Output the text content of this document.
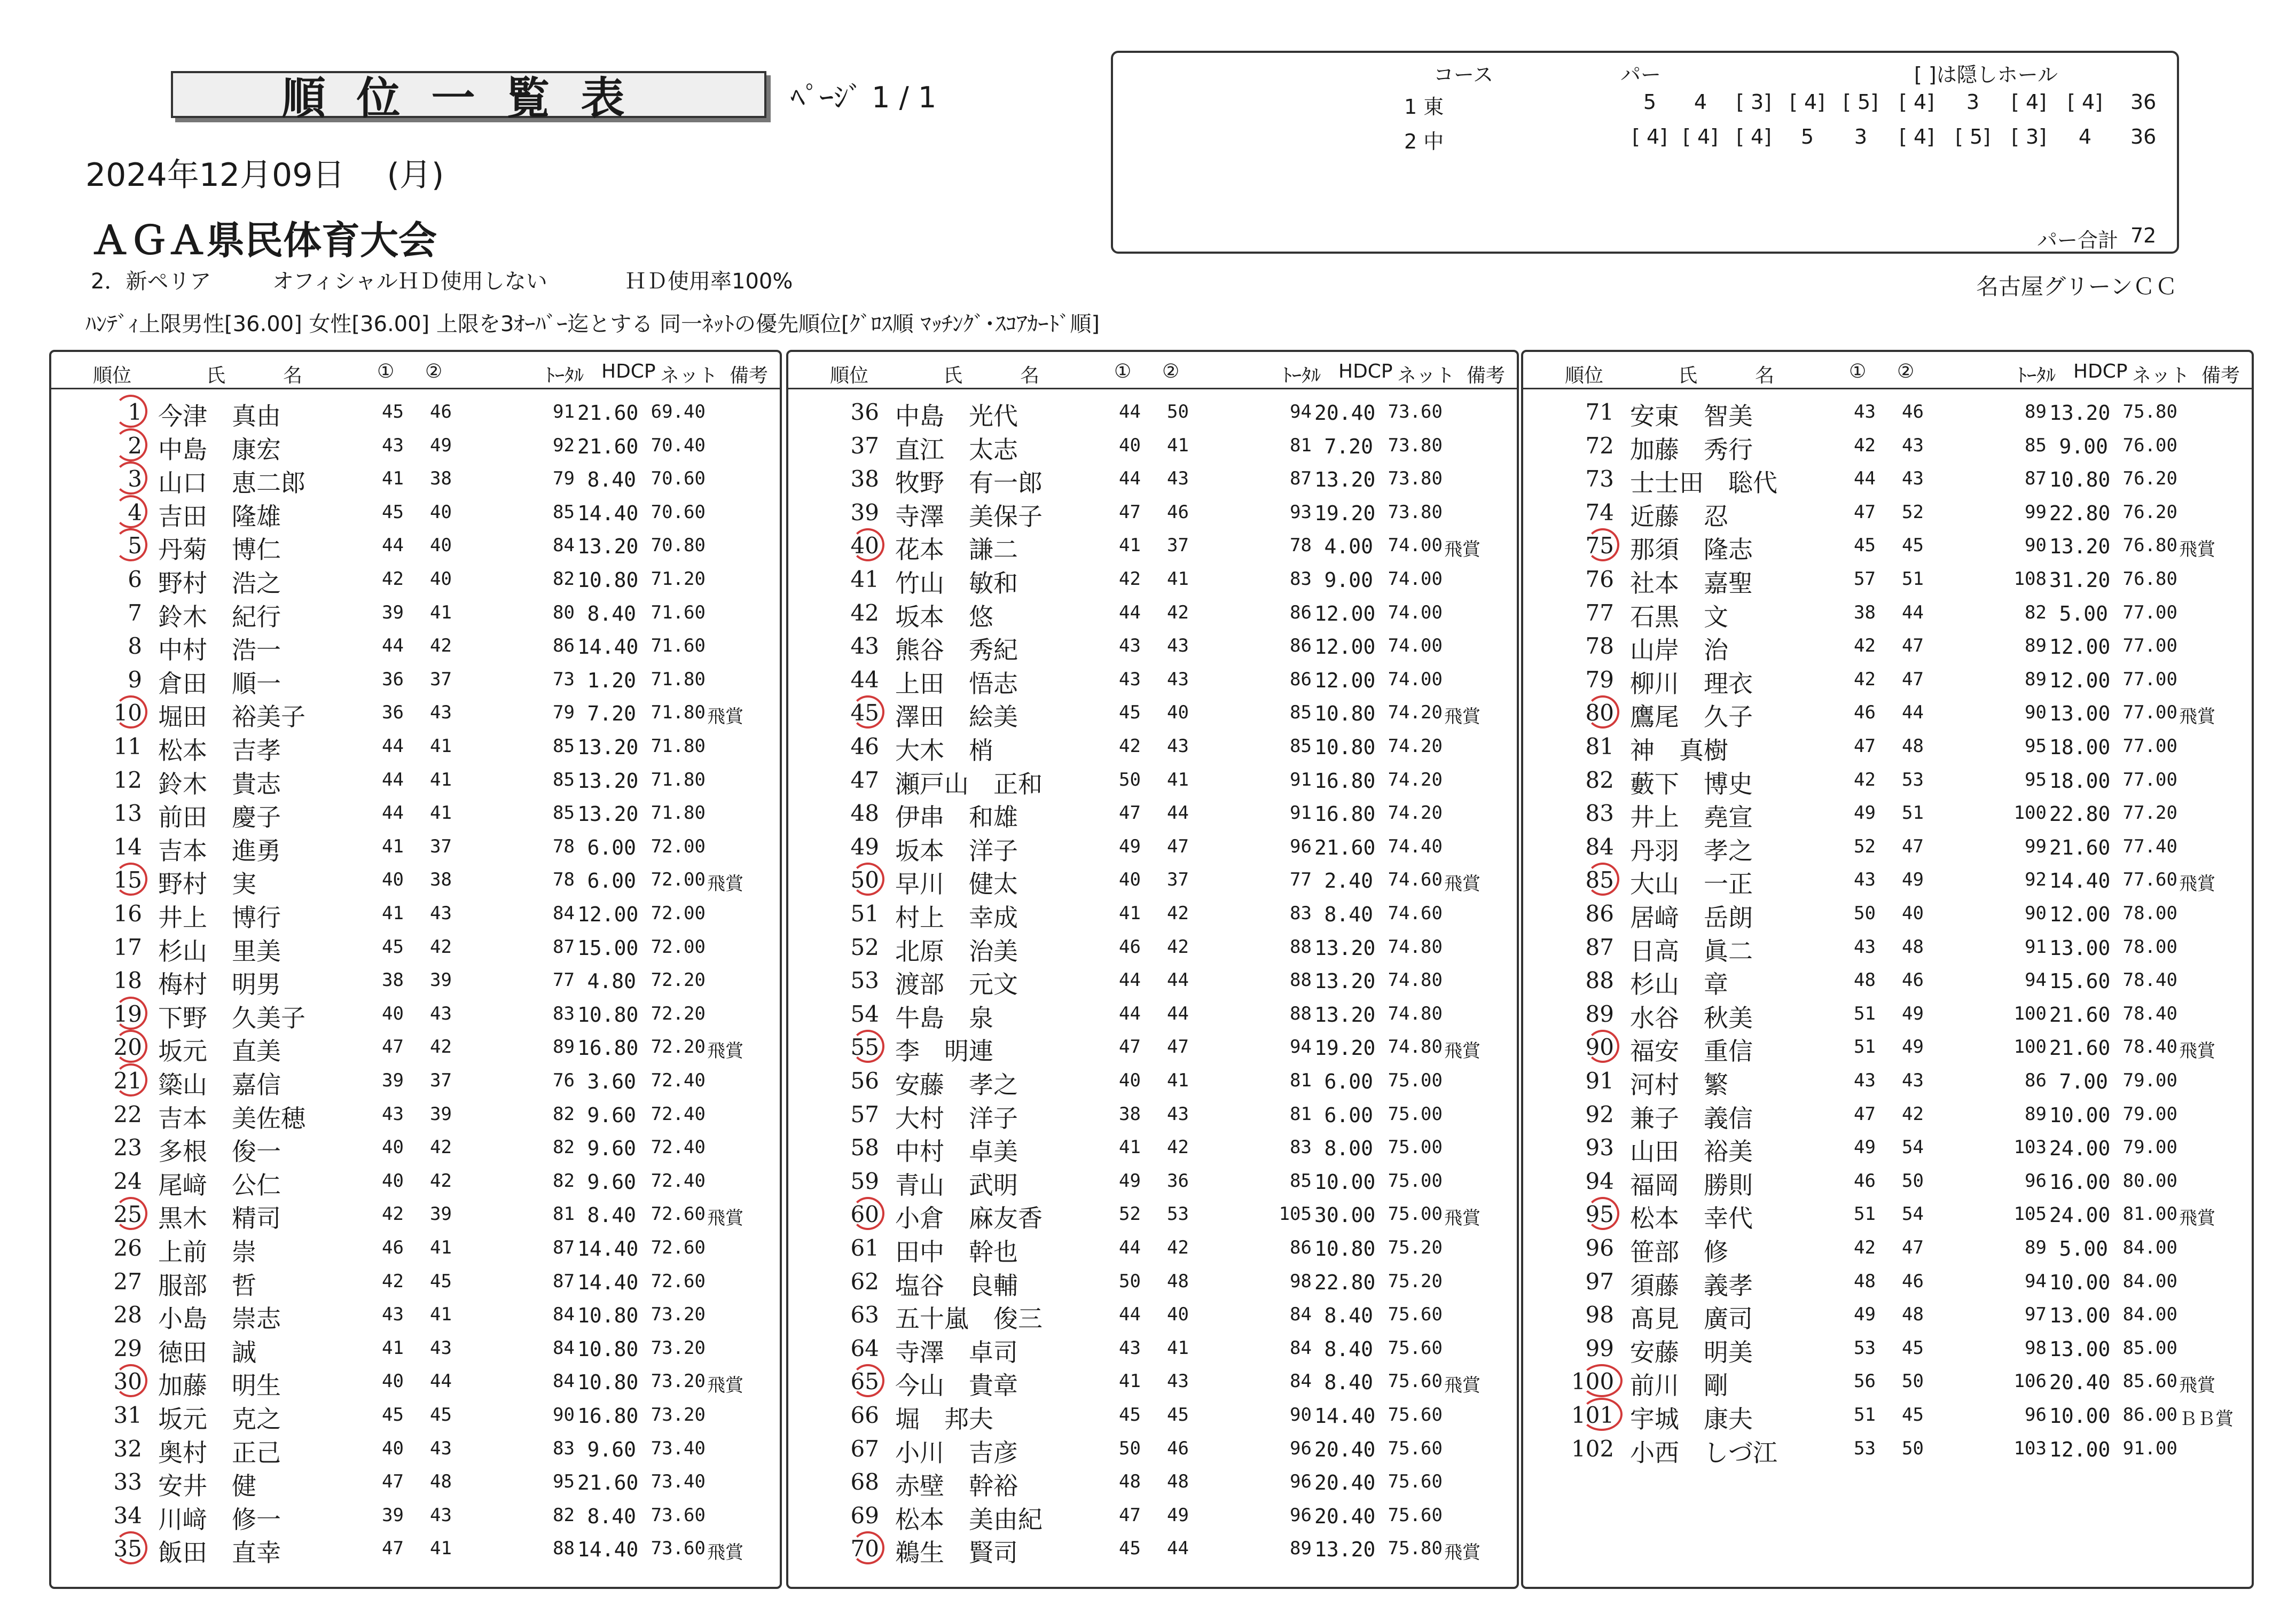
順位一覧表	ﾍﾟｰｼﾞ 1 / 1
2024年12月09日　 (月)
ＡＧＡ県民体育大会
2．新ペリア	オフィシャルＨＤ使用しない	ＨＤ使用率100%
ﾊﾝﾃﾞｨ上限男性[36.00] 女性[36.00] 上限を3ｵｰﾊﾞｰ迄とする 同一ﾈｯﾄの優先順位[ｸﾞﾛｽ順 ﾏｯﾁﾝｸﾞ･ｽｺｱｶｰﾄﾞ順]
名古屋グリーンＣＣ
コース	パー	[ ]は隠しホール
1 東	5 4 [ 3] [ 4] [ 5] [ 4] 3 [ 4] [ 4] 36
2 中	[ 4] [ 4] [ 4] 5 3 [ 4] [ 5] [ 3] 4 36
パー合計 72
順位	氏　　　名	① ②	ﾄｰﾀﾙ HDCP ネット 備考
1 今津　真由	45	46	91 21.60 69.40
2 中島　康宏	43	49	92 21.60 70.40
3 山口　恵二郎	41	38	79 8.40 70.60
4 吉田　隆雄	45	40	85 14.40 70.60
5 丹菊　博仁	44	40	84 13.20 70.80
6 野村　浩之	42	40	82 10.80 71.20
7 鈴木　紀行	39	41	80 8.40 71.60
8 中村　浩一	44	42	86 14.40 71.60
9 倉田　順一	36	37	73 1.20 71.80
10 堀田　裕美子	36	43	79 7.20 71.80 飛賞
11 松本　吉孝	44	41	85 13.20 71.80
12 鈴木　貴志	44	41	85 13.20 71.80
13 前田　慶子	44	41	85 13.20 71.80
14 吉本　進勇	41	37	78 6.00 72.00
15 野村　実	40	38	78 6.00 72.00 飛賞
16 井上　博行	41	43	84 12.00 72.00
17 杉山　里美	45	42	87 15.00 72.00
18 梅村　明男	38	39	77 4.80 72.20
19 下野　久美子	40	43	83 10.80 72.20
20 坂元　直美	47	42	89 16.80 72.20 飛賞
21 簗山　嘉信	39	37	76 3.60 72.40
22 吉本　美佐穂	43	39	82 9.60 72.40
23 多根　俊一	40	42	82 9.60 72.40
24 尾﨑　公仁	40	42	82 9.60 72.40
25 黒木　精司	42	39	81 8.40 72.60 飛賞
26 上前　崇	46	41	87 14.40 72.60
27 服部　哲	42	45	87 14.40 72.60
28 小島　崇志	43	41	84 10.80 73.20
29 徳田　誠	41	43	84 10.80 73.20
30 加藤　明生	40	44	84 10.80 73.20 飛賞
31 坂元　克之	45	45	90 16.80 73.20
32 奥村　正己	40	43	83 9.60 73.40
33 安井　健	47	48	95 21.60 73.40
34 川﨑　修一	39	43	82 8.40 73.60
35 飯田　直幸	47	41	88 14.40 73.60 飛賞
順位	氏　　　名	① ②	ﾄｰﾀﾙ HDCP ネット 備考
36 中島　光代	44	50	94 20.40 73.60
37 直江　太志	40	41	81 7.20 73.80
38 牧野　有一郎	44	43	87 13.20 73.80
39 寺澤　美保子	47	46	93 19.20 73.80
40 花本　謙二	41	37	78 4.00 74.00 飛賞
41 竹山　敏和	42	41	83 9.00 74.00
42 坂本　悠	44	42	86 12.00 74.00
43 熊谷　秀紀	43	43	86 12.00 74.00
44 上田　悟志	43	43	86 12.00 74.00
45 澤田　絵美	45	40	85 10.80 74.20 飛賞
46 大木　梢	42	43	85 10.80 74.20
47 瀬戸山　正和	50	41	91 16.80 74.20
48 伊串　和雄	47	44	91 16.80 74.20
49 坂本　洋子	49	47	96 21.60 74.40
50 早川　健太	40	37	77 2.40 74.60 飛賞
51 村上　幸成	41	42	83 8.40 74.60
52 北原　治美	46	42	88 13.20 74.80
53 渡部　元文	44	44	88 13.20 74.80
54 牛島　泉	44	44	88 13.20 74.80
55 李　明連	47	47	94 19.20 74.80 飛賞
56 安藤　孝之	40	41	81 6.00 75.00
57 大村　洋子	38	43	81 6.00 75.00
58 中村　卓美	41	42	83 8.00 75.00
59 青山　武明	49	36	85 10.00 75.00
60 小倉　麻友香	52	53	105 30.00 75.00 飛賞
61 田中　幹也	44	42	86 10.80 75.20
62 塩谷　良輔	50	48	98 22.80 75.20
63 五十嵐　俊三	44	40	84 8.40 75.60
64 寺澤　卓司	43	41	84 8.40 75.60
65 今山　貴章	41	43	84 8.40 75.60 飛賞
66 堀　邦夫	45	45	90 14.40 75.60
67 小川　吉彦	50	46	96 20.40 75.60
68 赤壁　幹裕	48	48	96 20.40 75.60
69 松本　美由紀	47	49	96 20.40 75.60
70 鵜生　賢司	45	44	89 13.20 75.80 飛賞
順位	氏　　　名	① ②	ﾄｰﾀﾙ HDCP ネット 備考
71 安東　智美	43	46	89 13.20 75.80
72 加藤　秀行	42	43	85 9.00 76.00
73 士士田　聡代	44	43	87 10.80 76.20
74 近藤　忍	47	52	99 22.80 76.20
75 那須　隆志	45	45	90 13.20 76.80 飛賞
76 社本　嘉聖	57	51	108 31.20 76.80
77 石黒　文	38	44	82 5.00 77.00
78 山岸　治	42	47	89 12.00 77.00
79 柳川　理衣	42	47	89 12.00 77.00
80 鷹尾　久子	46	44	90 13.00 77.00 飛賞
81 神　真樹	47	48	95 18.00 77.00
82 藪下　博史	42	53	95 18.00 77.00
83 井上　堯宣	49	51	100 22.80 77.20
84 丹羽　孝之	52	47	99 21.60 77.40
85 大山　一正	43	49	92 14.40 77.60 飛賞
86 居﨑　岳朗	50	40	90 12.00 78.00
87 日高　眞二	43	48	91 13.00 78.00
88 杉山　章	48	46	94 15.60 78.40
89 水谷　秋美	51	49	100 21.60 78.40
90 福安　重信	51	49	100 21.60 78.40 飛賞
91 河村　繁	43	43	86 7.00 79.00
92 兼子　義信	47	42	89 10.00 79.00
93 山田　裕美	49	54	103 24.00 79.00
94 福岡　勝則	46	50	96 16.00 80.00
95 松本　幸代	51	54	105 24.00 81.00 飛賞
96 笹部　修	42	47	89 5.00 84.00
97 須藤　義孝	48	46	94 10.00 84.00
98 髙見　廣司	49	48	97 13.00 84.00
99 安藤　明美	53	45	98 13.00 85.00
100 前川　剛	56	50	106 20.40 85.60 飛賞
101 宇城　康夫	51	45	96 10.00 86.00 ＢＢ賞
102 小西　しづ江	53	50	103 12.00 91.00
